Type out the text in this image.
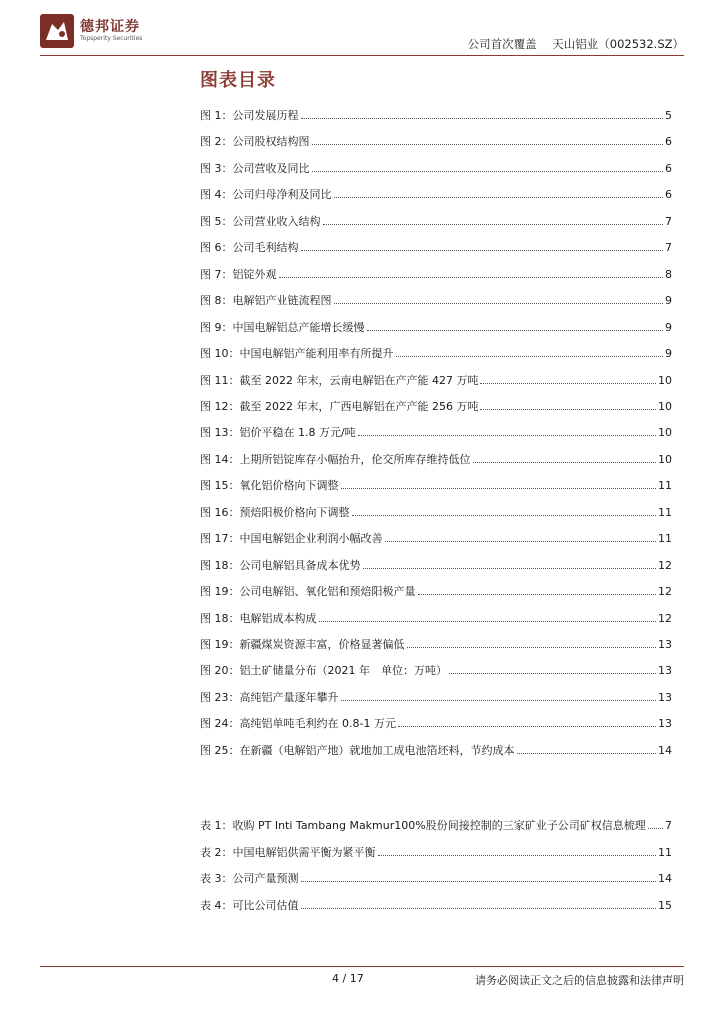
德邦证券
Topsperity Securities	公司首次覆盖 天山铝业（002532.SZ）
图表目录
图 1：公司发展历程	5
图 2：公司股权结构图	6
图 3：公司营收及同比	6
图 4：公司归母净利及同比	6
图 5：公司营业收入结构	7
图 6：公司毛利结构	7
图 7：铝锭外观	8
图 8：电解铝产业链流程图	9
图 9：中国电解铝总产能增长缓慢	9
图 10：中国电解铝产能利用率有所提升	9
图 11：截至 2022 年末，云南电解铝在产产能 427 万吨	10
图 12：截至 2022 年末，广西电解铝在产产能 256 万吨	10
图 13：铝价平稳在 1.8 万元/吨	10
图 14：上期所铝锭库存小幅抬升，伦交所库存维持低位	10
图 15：氧化铝价格向下调整	11
图 16：预焙阳极价格向下调整	11
图 17：中国电解铝企业利润小幅改善	11
图 18：公司电解铝具备成本优势	12
图 19：公司电解铝、氧化铝和预焙阳极产量	12
图 18：电解铝成本构成	12
图 19：新疆煤炭资源丰富，价格显著偏低	13
图 20：铝土矿储量分布（2021 年　单位：万吨）	13
图 23：高纯铝产量逐年攀升	13
图 24：高纯铝单吨毛利约在 0.8-1 万元	13
图 25：在新疆（电解铝产地）就地加工成电池箔坯料，节约成本	14
表 1：收购 PT Inti Tambang Makmur100%股份间接控制的三家矿业子公司矿权信息梳理 7
表 2：中国电解铝供需平衡为紧平衡	11
表 3：公司产量预测	14
表 4：可比公司估值	15
4 / 17	请务必阅读正文之后的信息披露和法律声明
